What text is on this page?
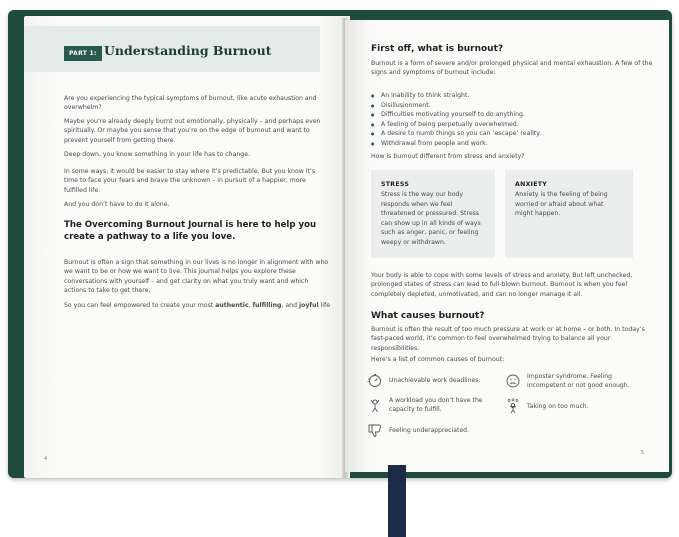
PART 1: Understanding Burnout

Are you experiencing the typical symptoms of burnout, like acute exhaustion and overwhelm?

Maybe you’re already deeply burnt out emotionally, physically – and perhaps even spiritually. Or maybe you sense that you’re on the edge of burnout and want to prevent yourself from getting there.

Deep down, you know something in your life has to change.

In some ways, it would be easier to stay where it’s predictable. But you know it’s time to face your fears and brave the unknown – in pursuit of a happier, more fulfilled life.

And you don’t have to do it alone.

The Overcoming Burnout Journal is here to help you create a pathway to a life you love.

Burnout is often a sign that something in our lives is no longer in alignment with who we want to be or how we want to live. This journal helps you explore these conversations with yourself – and get clarity on what you truly want and which actions to take to get there.

So you can feel empowered to create your most authentic, fulfilling, and joyful life

4
First off, what is burnout?

Burnout is a form of severe and/or prolonged physical and mental exhaustion. A few of the signs and symptoms of burnout include:

● An inability to think straight.
● Disillusionment.
● Difficulties motivating yourself to do anything.
● A feeling of being perpetually overwhelmed.
● A desire to numb things so you can ‘escape’ reality.
● Withdrawal from people and work.

How is burnout different from stress and anxiety?

STRESS
Stress is the way our body
responds when we feel
threatened or pressured. Stress
can show up in all kinds of ways
such as anger, panic, or feeling
weepy or withdrawn.
ANXIETY
Anxiety is the feeling of being
worried or afraid about what
might happen.

Your body is able to cope with some levels of stress and anxiety. But left unchecked, prolonged states of stress can lead to full-blown burnout. Burnout is when you feel completely depleted, unmotivated, and can no longer manage it all.

What causes burnout?

Burnout is often the result of too much pressure at work or at home – or both. In today’s fast-paced world, it’s common to feel overwhelmed trying to balance all your responsibilities.

Here’s a list of common causes of burnout:

Unachievable work deadlines.	Imposter syndrome. Feeling incompetent or not good enough.
A workload you don’t have the capacity to fulfill.	Taking on too much.
Feeling underappreciated.
5
